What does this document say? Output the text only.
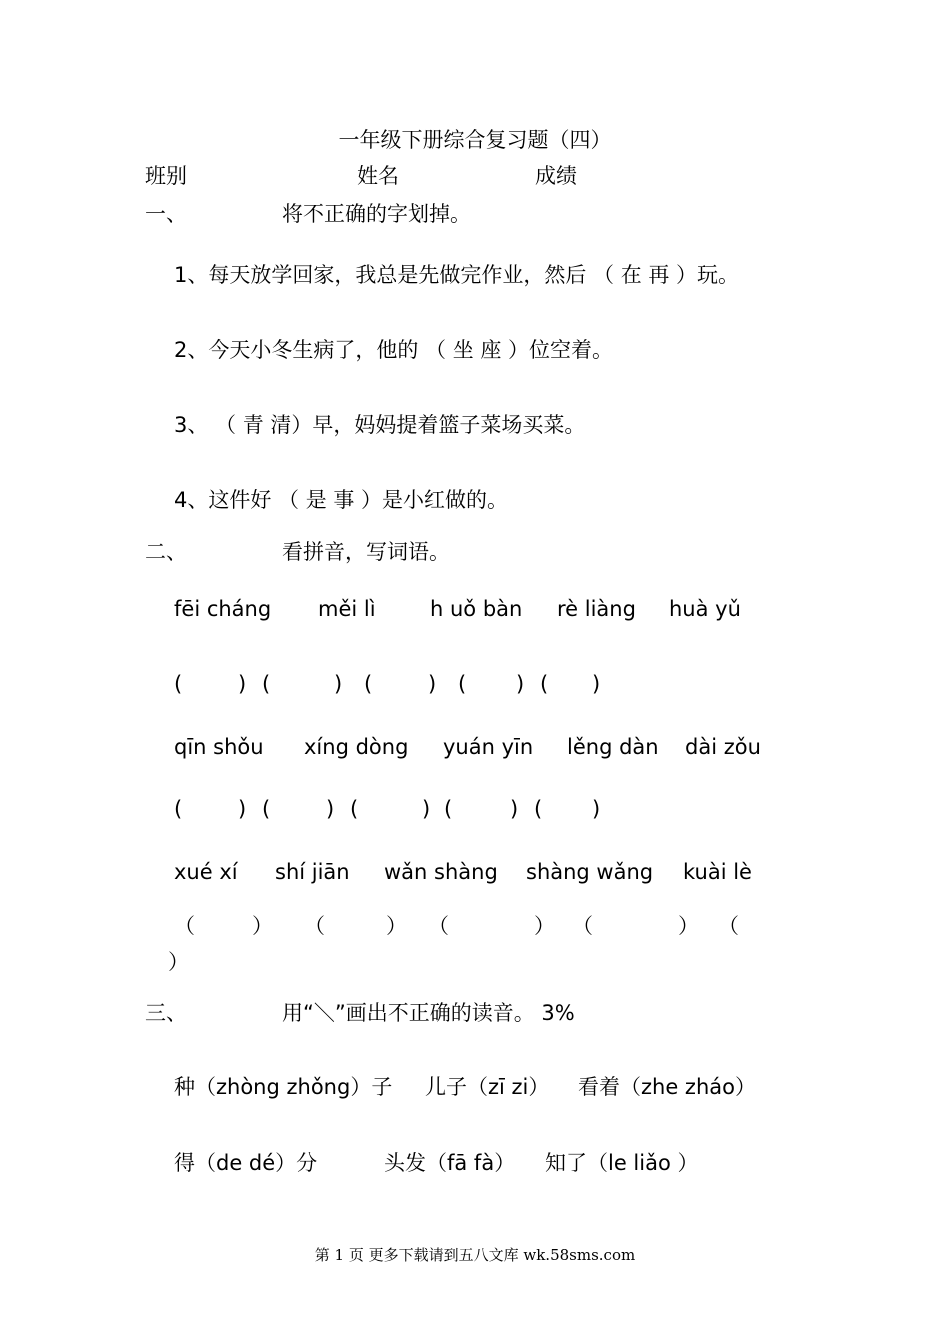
一年级下册综合复习题（四）
班别	姓名	成绩
一、	将不正确的字划掉。
1、每天放学回家，我总是先做完作业，然后 （ 在 再 ）玩。
2、今天小冬生病了，他的 （ 坐 座 ）位空着。
3、 （ 青 清）早，妈妈提着篮子菜场买菜。
4、这件好 （ 是 事 ）是小红做的。
二、	看拼音，写词语。
fēi cháng měi lì	h uǒ bàn rè liàng huà yǔ
(	) (	) (	) ( ) ( )
qīn shǒu xíng dòng yuán yīn lěng dàn dài zǒu
(	) (	) (	) (	) ( )
xué xí shí jiān wǎn shàng shàng wǎng kuài lè
（	） （	） （	） （	） （
）
三、	用“＼”画出不正确的读音。 3%
种（zhòng zhǒng）子 儿子（zī zi） 看着（zhe zháo）
得（de dé）分	头发（fā fà） 知了（le liǎo ）
第 1 页 更多下载请到五八文库 wk.58sms.com
